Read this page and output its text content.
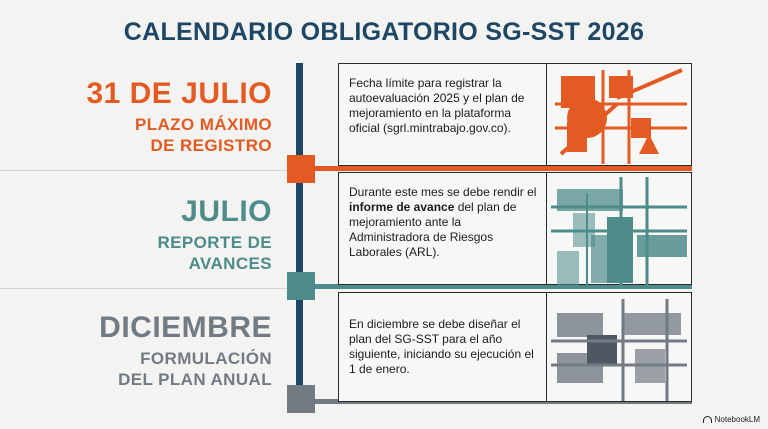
CALENDARIO OBLIGATORIO SG-SST 2026
31 DE JULIO
PLAZO MÁXIMO
DE REGISTRO
JULIO
REPORTE DE
AVANCES
DICIEMBRE
FORMULACIÓN
DEL PLAN ANUAL
Fecha límite para registrar la autoevaluación 2025 y el plan de mejoramiento en la plataforma oficial (sgrl.mintrabajo.gov.co).
Durante este mes se debe rendir el informe de avance del plan de mejoramiento ante la Administradora de Riesgos Laborales (ARL).
En diciembre se debe diseñar el plan del SG-SST para el año siguiente, iniciando su ejecución el 1 de enero.
NotebookLM
